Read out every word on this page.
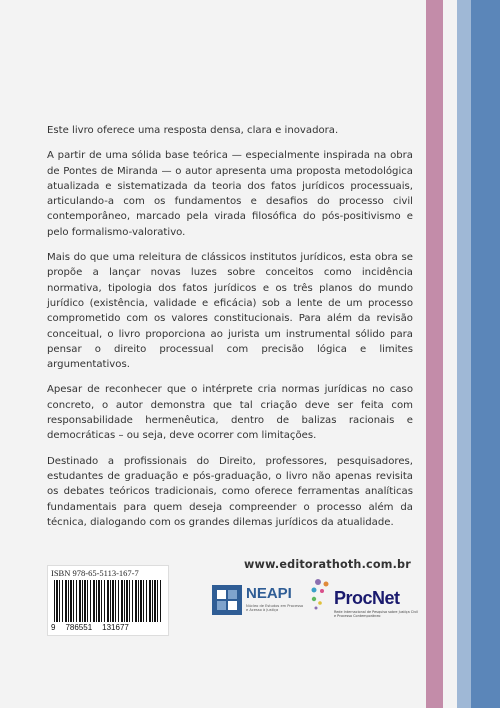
Este livro oferece uma resposta densa, clara e inovadora.

A partir de uma sólida base teórica — especialmente inspirada na obra de Pontes de Miranda — o autor apresenta uma proposta metodológica atualizada e sistematizada da teoria dos fatos jurídicos processuais, articulando-a com os fundamentos e desafios do processo civil contemporâneo, marcado pela virada filosófica do pós-positivismo e pelo formalismo-valorativo.

Mais do que uma releitura de clássicos institutos jurídicos, esta obra se propõe a lançar novas luzes sobre conceitos como incidência normativa, tipologia dos fatos jurídicos e os três planos do mundo jurídico (existência, validade e eficácia) sob a lente de um processo comprometido com os valores constitucionais. Para além da revisão conceitual, o livro proporciona ao jurista um instrumental sólido para pensar o direito processual com precisão lógica e limites argumentativos.

Apesar de reconhecer que o intérprete cria normas jurídicas no caso concreto, o autor demonstra que tal criação deve ser feita com responsabilidade hermenêutica, dentro de balizas racionais e democráticas – ou seja, deve ocorrer com limitações.

Destinado a profissionais do Direito, professores, pesquisadores, estudantes de graduação e pós-graduação, o livro não apenas revisita os debates teóricos tradicionais, como oferece ferramentas analíticas fundamentais para quem deseja compreender o processo além da técnica, dialogando com os grandes dilemas jurídicos da atualidade.

www.editorathoth.com.br
ISBN 978-65-5113-167-7
9 786551 131677
NEAPI
Núcleo de Estudos em Processo e Acesso à Justiça
ProcNet
Rede Internacional de Pesquisa sobre Justiça Civil e Processo Contemporâneo
